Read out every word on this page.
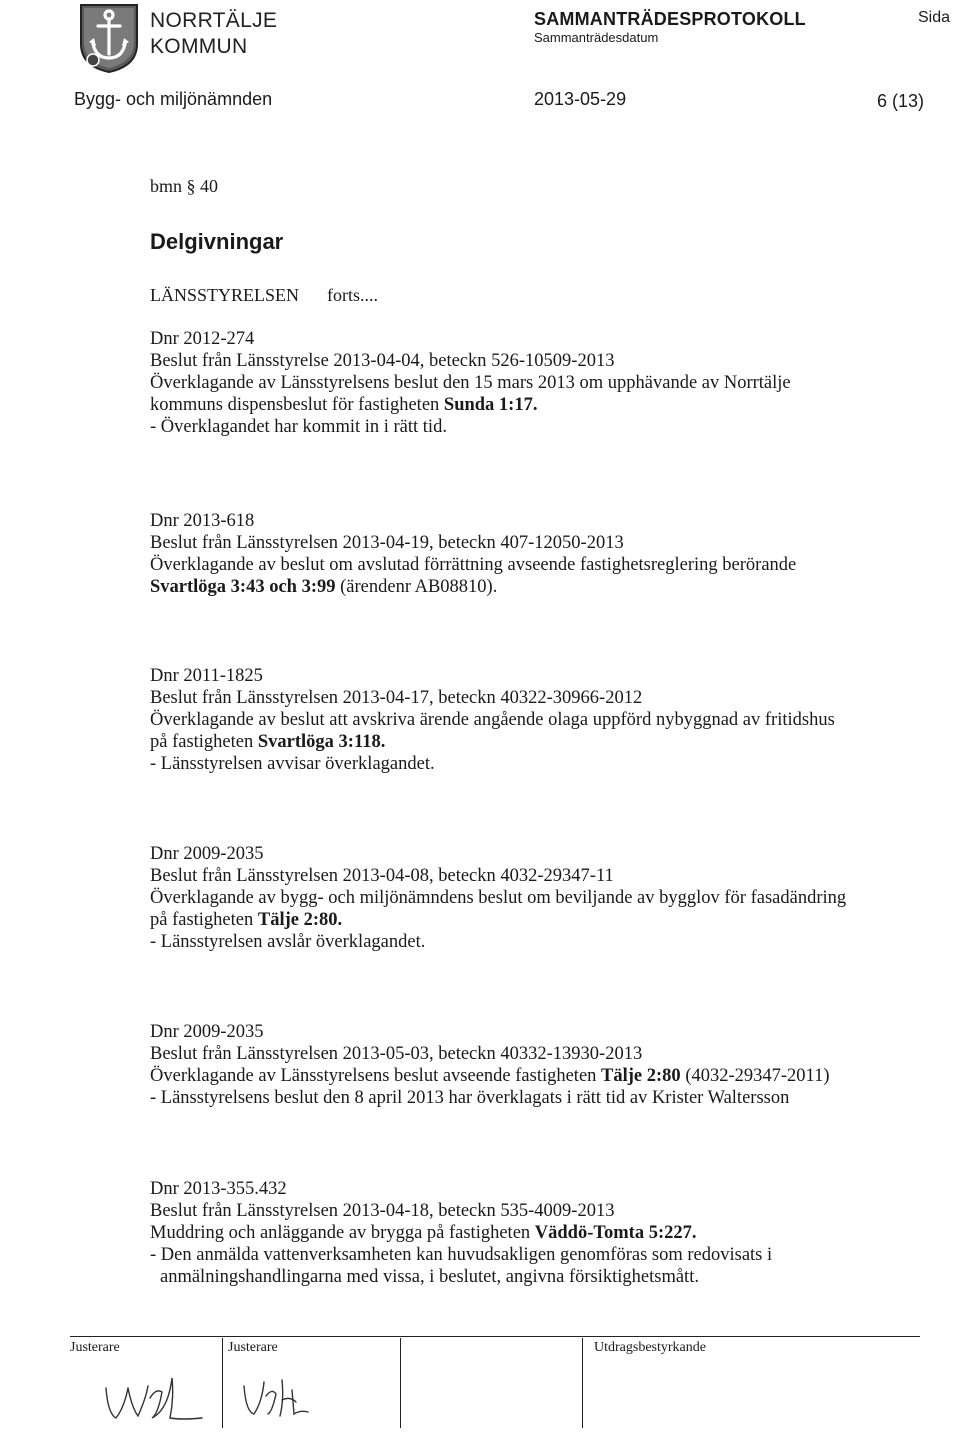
NORRTÄLJE
KOMMUN
SAMMANTRÄDESPROTOKOLL
Sammanträdesdatum
Sida
Bygg- och miljönämnden	2013-05-29	6 (13)
bmn § 40
Delgivningar
LÄNSSTYRELSEN forts....
Dnr 2012-274
Beslut från Länsstyrelse 2013-04-04, beteckn 526-10509-2013
Överklagande av Länsstyrelsens beslut den 15 mars 2013 om upphävande av Norrtälje
kommuns dispensbeslut för fastigheten Sunda 1:17.
- Överklagandet har kommit in i rätt tid.
Dnr 2013-618
Beslut från Länsstyrelsen 2013-04-19, beteckn 407-12050-2013
Överklagande av beslut om avslutad förrättning avseende fastighetsreglering berörande
Svartlöga 3:43 och 3:99 (ärendenr AB08810).
Dnr 2011-1825
Beslut från Länsstyrelsen 2013-04-17, beteckn 40322-30966-2012
Överklagande av beslut att avskriva ärende angående olaga uppförd nybyggnad av fritidshus
på fastigheten Svartlöga 3:118.
- Länsstyrelsen avvisar överklagandet.
Dnr 2009-2035
Beslut från Länsstyrelsen 2013-04-08, beteckn 4032-29347-11
Överklagande av bygg- och miljönämndens beslut om beviljande av bygglov för fasadändring
på fastigheten Tälje 2:80.
- Länsstyrelsen avslår överklagandet.
Dnr 2009-2035
Beslut från Länsstyrelsen 2013-05-03, beteckn 40332-13930-2013
Överklagande av Länsstyrelsens beslut avseende fastigheten Tälje 2:80 (4032-29347-2011)
- Länsstyrelsens beslut den 8 april 2013 har överklagats i rätt tid av Krister Waltersson
Dnr 2013-355.432
Beslut från Länsstyrelsen 2013-04-18, beteckn 535-4009-2013
Muddring och anläggande av brygga på fastigheten Väddö-Tomta 5:227.
- Den anmälda vattenverksamheten kan huvudsakligen genomföras som redovisats i
anmälningshandlingarna med vissa, i beslutet, angivna försiktighetsmått.
Justerare	Justerare	Utdragsbestyrkande
